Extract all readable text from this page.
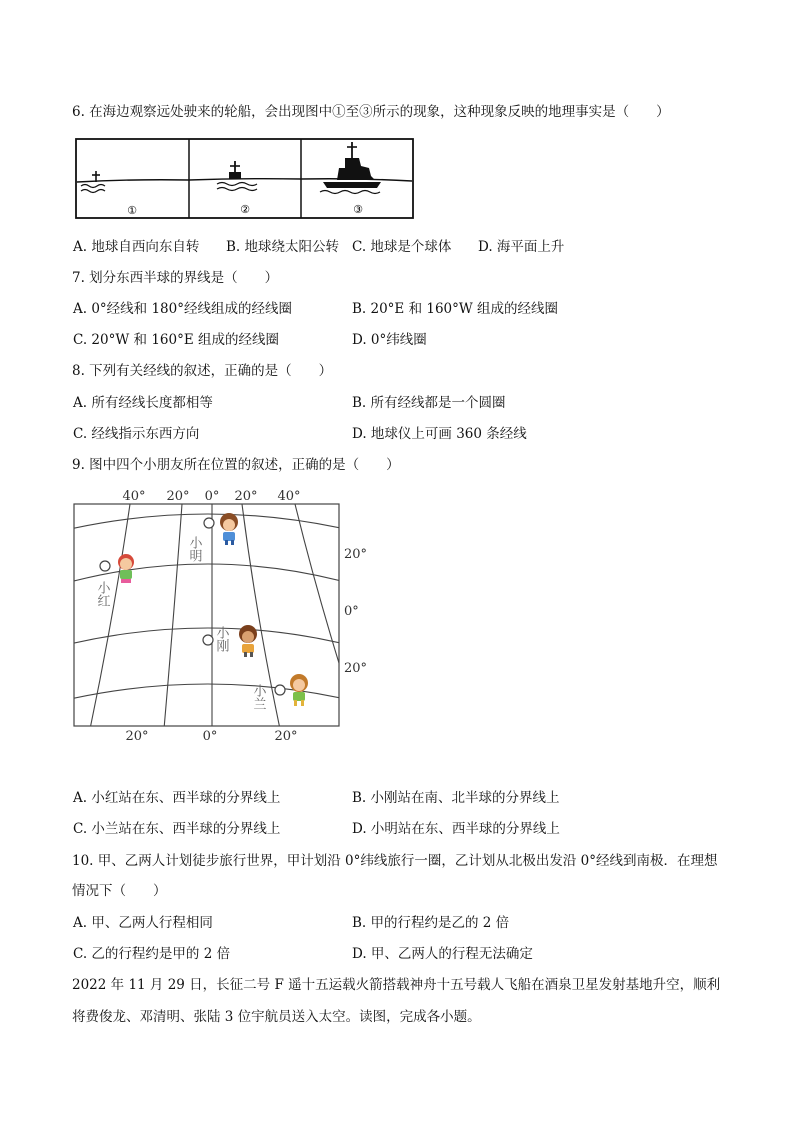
6. 在海边观察远处驶来的轮船，会出现图中①至③所示的现象，这种现象反映的地理事实是（　　）
①	②	③
A. 地球自西向东自转 B. 地球绕太阳公转 C. 地球是个球体 D. 海平面上升
7. 划分东西半球的界线是（　　）
A. 0°经线和 180°经线组成的经线圈	B. 20°E 和 160°W 组成的经线圈
C. 20°W 和 160°E 组成的经线圈	D. 0°纬线圈
8. 下列有关经线的叙述，正确的是（　　）
A. 所有经线长度都相等	B. 所有经线都是一个圆圈
C. 经线指示东西方向	D. 地球仪上可画 360 条经线
9. 图中四个小朋友所在位置的叙述，正确的是（　　）
40° 20° 0° 20° 40°
20°
0°
20°
20°	0°	20°
小明
小红
小刚
小兰
A. 小红站在东、西半球的分界线上	B. 小刚站在南、北半球的分界线上
C. 小兰站在东、西半球的分界线上	D. 小明站在东、西半球的分界线上
10. 甲、乙两人计划徒步旅行世界，甲计划沿 0°纬线旅行一圈，乙计划从北极出发沿 0°经线到南极．在理想
情况下（　　）
A. 甲、乙两人行程相同	B. 甲的行程约是乙的 2 倍
C. 乙的行程约是甲的 2 倍	D. 甲、乙两人的行程无法确定
2022 年 11 月 29 日，长征二号 F 遥十五运载火箭搭载神舟十五号载人飞船在酒泉卫星发射基地升空，顺利
将费俊龙、邓清明、张陆 3 位宇航员送入太空。读图，完成各小题。
